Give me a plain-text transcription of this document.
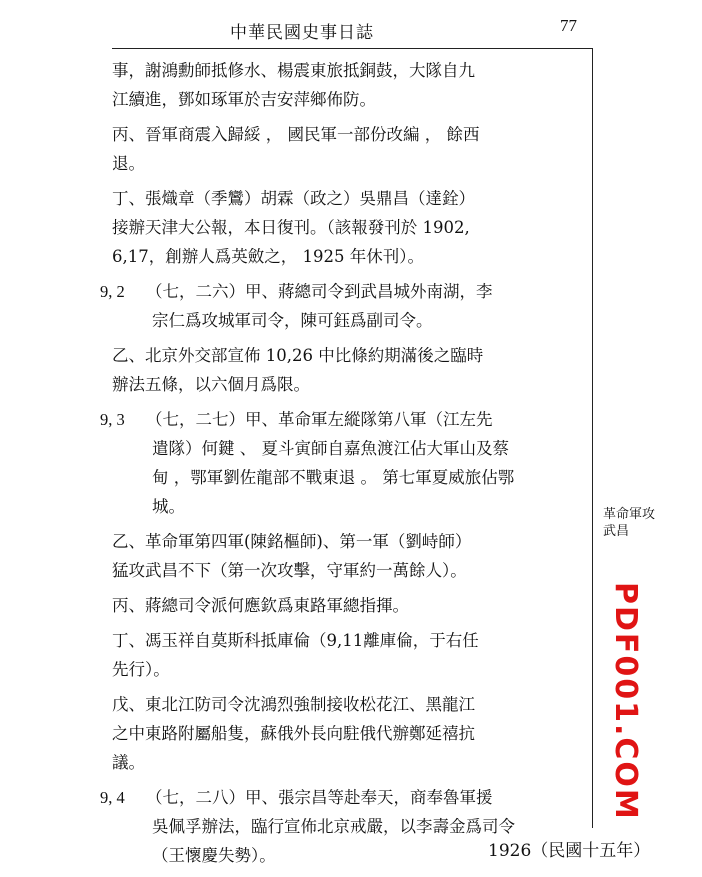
中華民國史事日誌	77
事，謝鴻勳師抵修水、楊震東旅抵銅鼓，大隊自九
江續進，鄧如琢軍於吉安萍鄉佈防。
丙、晉軍商震入歸綏 ， 國民軍一部份改編 ， 餘西
退。
丁、張熾章（季鸞）胡霖（政之）吳鼎昌（達銓）
接辦天津大公報，本日復刊。（該報發刊於 1902,
6,17，創辦人爲英斂之， 1925 年休刊）。
9, 2	（七，二六）甲、蔣總司令到武昌城外南湖，李
宗仁爲攻城軍司令，陳可鈺爲副司令。
乙、北京外交部宣佈 10,26 中比條約期滿後之臨時
辦法五條，以六個月爲限。
9, 3	（七，二七）甲、革命軍左縱隊第八軍（江左先
遣隊）何鍵 、 夏斗寅師自嘉魚渡江佔大軍山及蔡
甸 ，鄂軍劉佐龍部不戰東退 。 第七軍夏威旅佔鄂
城。
乙、革命軍第四軍(陳銘樞師)、第一軍（劉峙師）
猛攻武昌不下（第一次攻擊，守軍約一萬餘人）。
丙、蔣總司令派何應欽爲東路軍總指揮。
丁、馮玉祥自莫斯科抵庫倫（9,11離庫倫，于右任
先行）。
戊、東北江防司令沈鴻烈強制接收松花江、黑龍江
之中東路附屬船隻，蘇俄外長向駐俄代辦鄭延禧抗
議。
9, 4	（七，二八）甲、張宗昌等赴奉天，商奉魯軍援
吳佩孚辦法，臨行宣佈北京戒嚴，以李壽金爲司令
（王懷慶失勢）。
革命軍攻
武昌
PDF001.COM
1926（民國十五年）
